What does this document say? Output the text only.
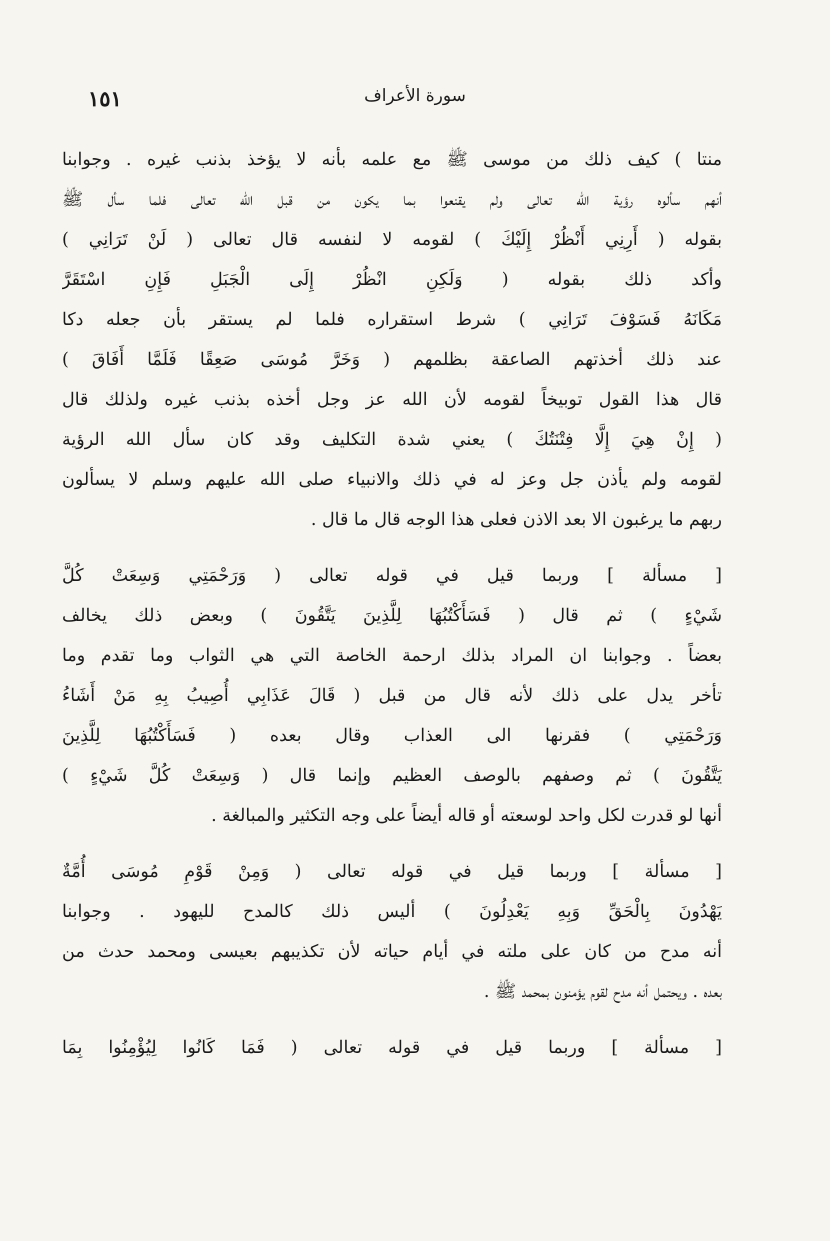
سورة الأعراف
١٥١
منتا ) كيف ذلك من موسى ﷺ مع علمه بأنه لا يؤخذ بذنب غيره . وجوابنا
أنهم سألوه رؤية الله تعالى ولم يقنعوا بما يكون من قبل الله تعالى فلما سأل ﷺ
بقوله ( أَرِنِي أَنْظُرْ إِلَيْكَ ) لقومه لا لنفسه قال تعالى ( لَنْ تَرَانِي )
وأكد ذلك بقوله ( وَلَكِنِ انْظُرْ إِلَى الْجَبَلِ فَإِنِ اسْتَقَرَّ
مَكَانَهُ فَسَوْفَ تَرَانِي ) شرط استقراره فلما لم يستقر بأن جعله دكا
عند ذلك أخذتهم الصاعقة بظلمهم ( وَخَرَّ مُوسَى صَعِقًا فَلَمَّا أَفَاقَ )
قال هذا القول توبيخاً لقومه لأن الله عز وجل أخذه بذنب غيره ولذلك قال
( إِنْ هِيَ إِلَّا فِتْنَتُكَ ) يعني شدة التكليف وقد كان سأل الله الرؤية
لقومه ولم يأذن جل وعز له في ذلك والانبياء صلى الله عليهم وسلم لا يسألون
ربهم ما يرغبون الا بعد الاذن فعلى هذا الوجه قال ما قال .
[ مسألة ] وربما قيل في قوله تعالى ( وَرَحْمَتِي وَسِعَتْ كُلَّ
شَيْءٍ ) ثم قال ( فَسَأَكْتُبُهَا لِلَّذِينَ يَتَّقُونَ ) وبعض ذلك يخالف
بعضاً . وجوابنا ان المراد بذلك ارحمة الخاصة التي هي الثواب وما تقدم وما
تأخر يدل على ذلك لأنه قال من قبل ( قَالَ عَذَابِي أُصِيبُ بِهِ مَنْ أَشَاءُ
وَرَحْمَتِي ) فقرنها الى العذاب وقال بعده ( فَسَأَكْتُبُهَا لِلَّذِينَ
يَتَّقُونَ ) ثم وصفهم بالوصف العظيم وإنما قال ( وَسِعَتْ كُلَّ شَيْءٍ )
أنها لو قدرت لكل واحد لوسعته أو قاله أيضاً على وجه التكثير والمبالغة .
[ مسألة ] وربما قيل في قوله تعالى ( وَمِنْ قَوْمِ مُوسَى أُمَّةٌ
يَهْدُونَ بِالْحَقِّ وَبِهِ يَعْدِلُونَ ) أليس ذلك كالمدح لليهود . وجوابنا
أنه مدح من كان على ملته في أيام حياته لأن تكذيبهم بعيسى ومحمد حدث من
بعده . ويحتمل أنه مدح لقوم يؤمنون بمحمد ﷺ .
[ مسألة ] وربما قيل في قوله تعالى ( فَمَا كَانُوا لِيُؤْمِنُوا بِمَا
